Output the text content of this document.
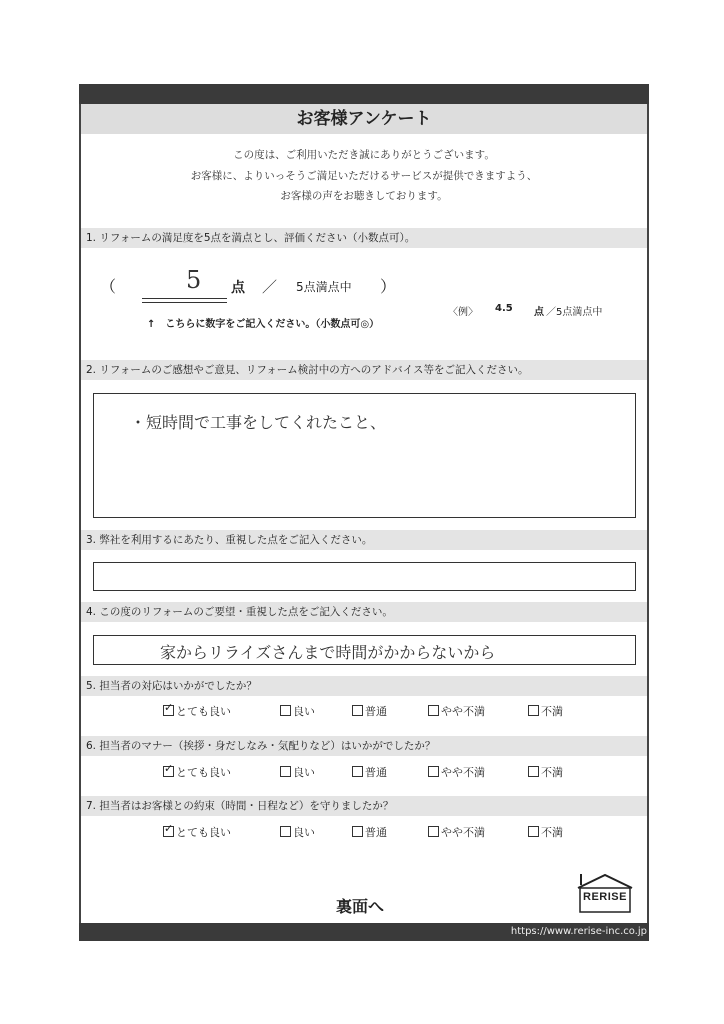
お客様アンケート
この度は、ご利用いただき誠にありがとうございます。
お客様に、よりいっそうご満足いただけるサービスが提供できますよう、
お客様の声をお聴きしております。
1. リフォームの満足度を5点を満点とし、評価ください（小数点可）。
（	5 点 ／ 5点満点中 ）
↑　こちらに数字をご記入ください。（小数点可◎）
〈例〉 4.5 点 ／5点満点中
2. リフォームのご感想やご意見、リフォーム検討中の方へのアドバイス等をご記入ください。
・短時間で工事をしてくれたこと、
3. 弊社を利用するにあたり、重視した点をご記入ください。
4. この度のリフォームのご要望・重視した点をご記入ください。
家からリライズさんまで時間がかからないから
5. 担当者の対応はいかがでしたか？
✓とても良い	良い	普通	やや不満	不満
6. 担当者のマナー（挨拶・身だしなみ・気配りなど）はいかがでしたか？
✓とても良い	良い	普通	やや不満	不満
7. 担当者はお客様との約束（時間・日程など）を守りましたか？
✓とても良い	良い	普通	やや不満	不満
裏面へ	RERISE
https://www.rerise-inc.co.jp
